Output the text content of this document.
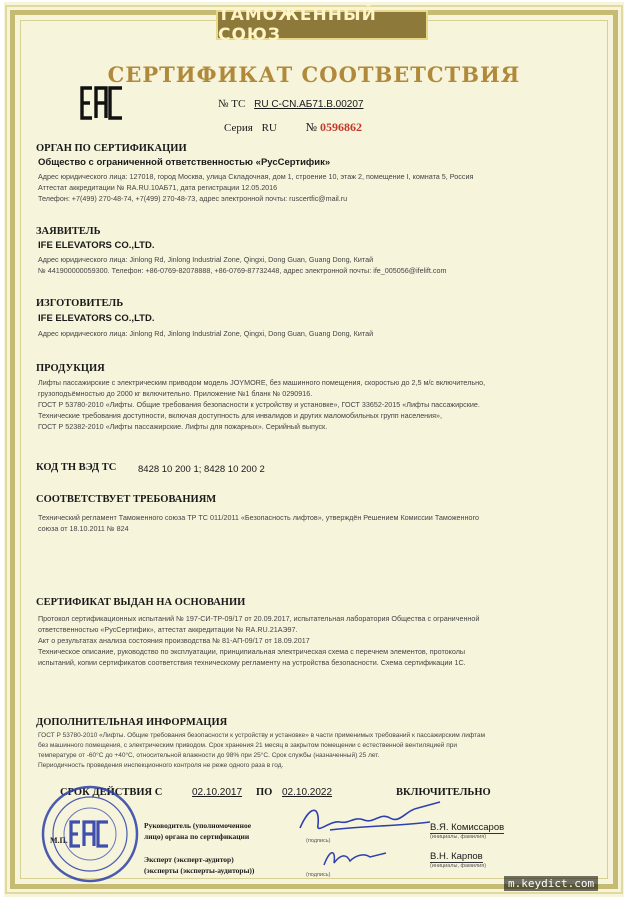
ТАМОЖЕННЫЙ СОЮЗ
СЕРТИФИКАТ СООТВЕТСТВИЯ
№ ТС RU C-CN.АБ71.В.00207
Серия RU № 0596862
ОРГАН ПО СЕРТИФИКАЦИИ
Общество с ограниченной ответственностью «РусСертифик»
Адрес юридического лица: 127018, город Москва, улица Складочная, дом 1, строение 10, этаж 2, помещение I, комната 5, Россия
Аттестат аккредитации № RA.RU.10АБ71, дата регистрации 12.05.2016
Телефон: +7(499) 270-48-74, +7(499) 270-48-73, адрес электронной почты: ruscertfic@mail.ru
ЗАЯВИТЕЛЬ
IFE ELEVATORS CO.,LTD.
Адрес юридического лица: Jinlong Rd, Jinlong Industrial Zone, Qingxi, Dong Guan, Guang Dong, Китай
№ 441900000059300. Телефон: +86-0769-82078888, +86-0769-87732448, адрес электронной почты: ife_005056@ifelift.com
ИЗГОТОВИТЕЛЬ
IFE ELEVATORS CO.,LTD.
Адрес юридического лица: Jinlong Rd, Jinlong Industrial Zone, Qingxi, Dong Guan, Guang Dong, Китай
ПРОДУКЦИЯ
Лифты пассажирские с электрическим приводом модель JOYMORE, без машинного помещения, скоростью до 2,5 м/с включительно,
грузоподъёмностью до 2000 кг включительно. Приложение №1 бланк № 0290916.
ГОСТ Р 53780-2010 «Лифты. Общие требования безопасности к устройству и установке», ГОСТ 33652-2015 «Лифты пассажирские.
Технические требования доступности, включая доступность для инвалидов и других маломобильных групп населения»,
ГОСТ Р 52382-2010 «Лифты пассажирские. Лифты для пожарных». Серийный выпуск.
КОД ТН ВЭД ТС 8428 10 200 1; 8428 10 200 2
СООТВЕТСТВУЕТ ТРЕБОВАНИЯМ
Технический регламент Таможенного союза ТР ТС 011/2011 «Безопасность лифтов», утверждён Решением Комиссии Таможенного
союза от 18.10.2011 № 824
СЕРТИФИКАТ ВЫДАН НА ОСНОВАНИИ
Протокол сертификационных испытаний № 197-СИ-ТР-09/17 от 20.09.2017, испытательная лаборатория Общества с ограниченной
ответственностью «РусСертифик», аттестат аккредитации № RA.RU.21АЭ97.
Акт о результатах анализа состояния производства № 81-АП-09/17 от 18.09.2017
Техническое описание, руководство по эксплуатации, принципиальная электрическая схема с перечнем элементов, протоколы
испытаний, копии сертификатов соответствия техническому регламенту на устройства безопасности. Схема сертификации 1С.
ДОПОЛНИТЕЛЬНАЯ ИНФОРМАЦИЯ
ГОСТ Р 53780-2010 «Лифты. Общие требования безопасности к устройству и установке» в части применимых требований к пассажирским лифтам
без машинного помещения, с электрическим приводом. Срок хранения 21 месяц в закрытом помещении с естественной вентиляцией при
температуре от -60°С до +40°С, относительной влажности до 98% при 25°С. Срок службы (назначенный) 25 лет.
Периодичность проведения инспекционного контроля не реже одного раза в год.
СРОК ДЕЙСТВИЯ С	02.10.2017 ПО 02.10.2022	ВКЛЮЧИТЕЛЬНО
Руководитель (уполномоченное
лицо) органа по сертификации	(подпись)
В.Я. Комиссаров
(инициалы, фамилия)
Эксперт (эксперт-аудитор)
(эксперты (эксперты-аудиторы))	(подпись)
В.Н. Карпов
(инициалы, фамилия)
М.П.
m.keydict.com
